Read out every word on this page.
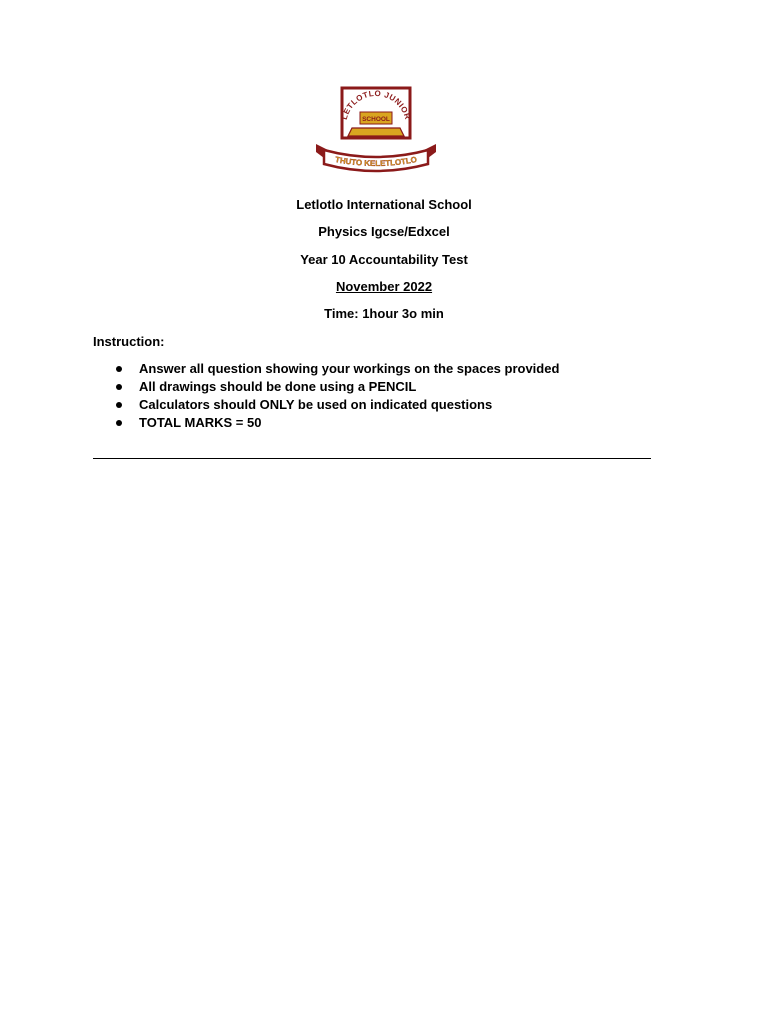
LETLOTLO JUNIOR
SCHOOL
THUTO KELETLOTLO
Letlotlo International School
Physics Igcse/Edxcel
Year 10 Accountability Test
November 2022
Time: 1hour 3o min
Instruction:
Answer all question showing your workings on the spaces provided
All drawings should be done using a PENCIL
Calculators should ONLY be used on indicated questions
TOTAL MARKS = 50
